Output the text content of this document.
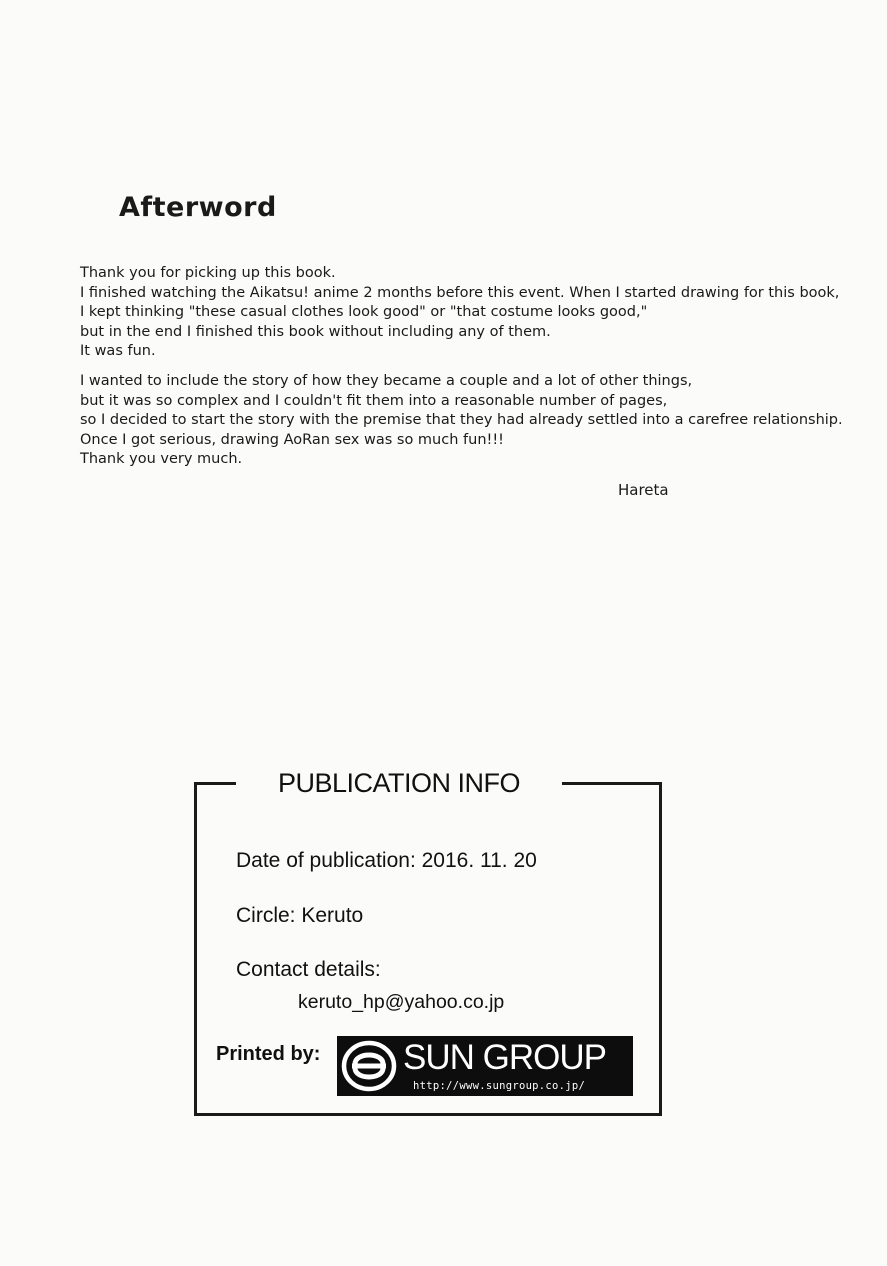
Afterword
Thank you for picking up this book.
I finished watching the Aikatsu! anime 2 months before this event. When I started drawing for this book,
I kept thinking "these casual clothes look good" or "that costume looks good,"
but in the end I finished this book without including any of them.
It was fun.
I wanted to include the story of how they became a couple and a lot of other things,
but it was so complex and I couldn't fit them into a reasonable number of pages,
so I decided to start the story with the premise that they had already settled into a carefree relationship.
Once I got serious, drawing AoRan sex was so much fun!!!
Thank you very much.
Hareta
PUBLICATION INFO
Date of publication: 2016. 11. 20
Circle: Keruto
Contact details:
keruto_hp@yahoo.co.jp
Printed by: SUN GROUP
http://www.sungroup.co.jp/
